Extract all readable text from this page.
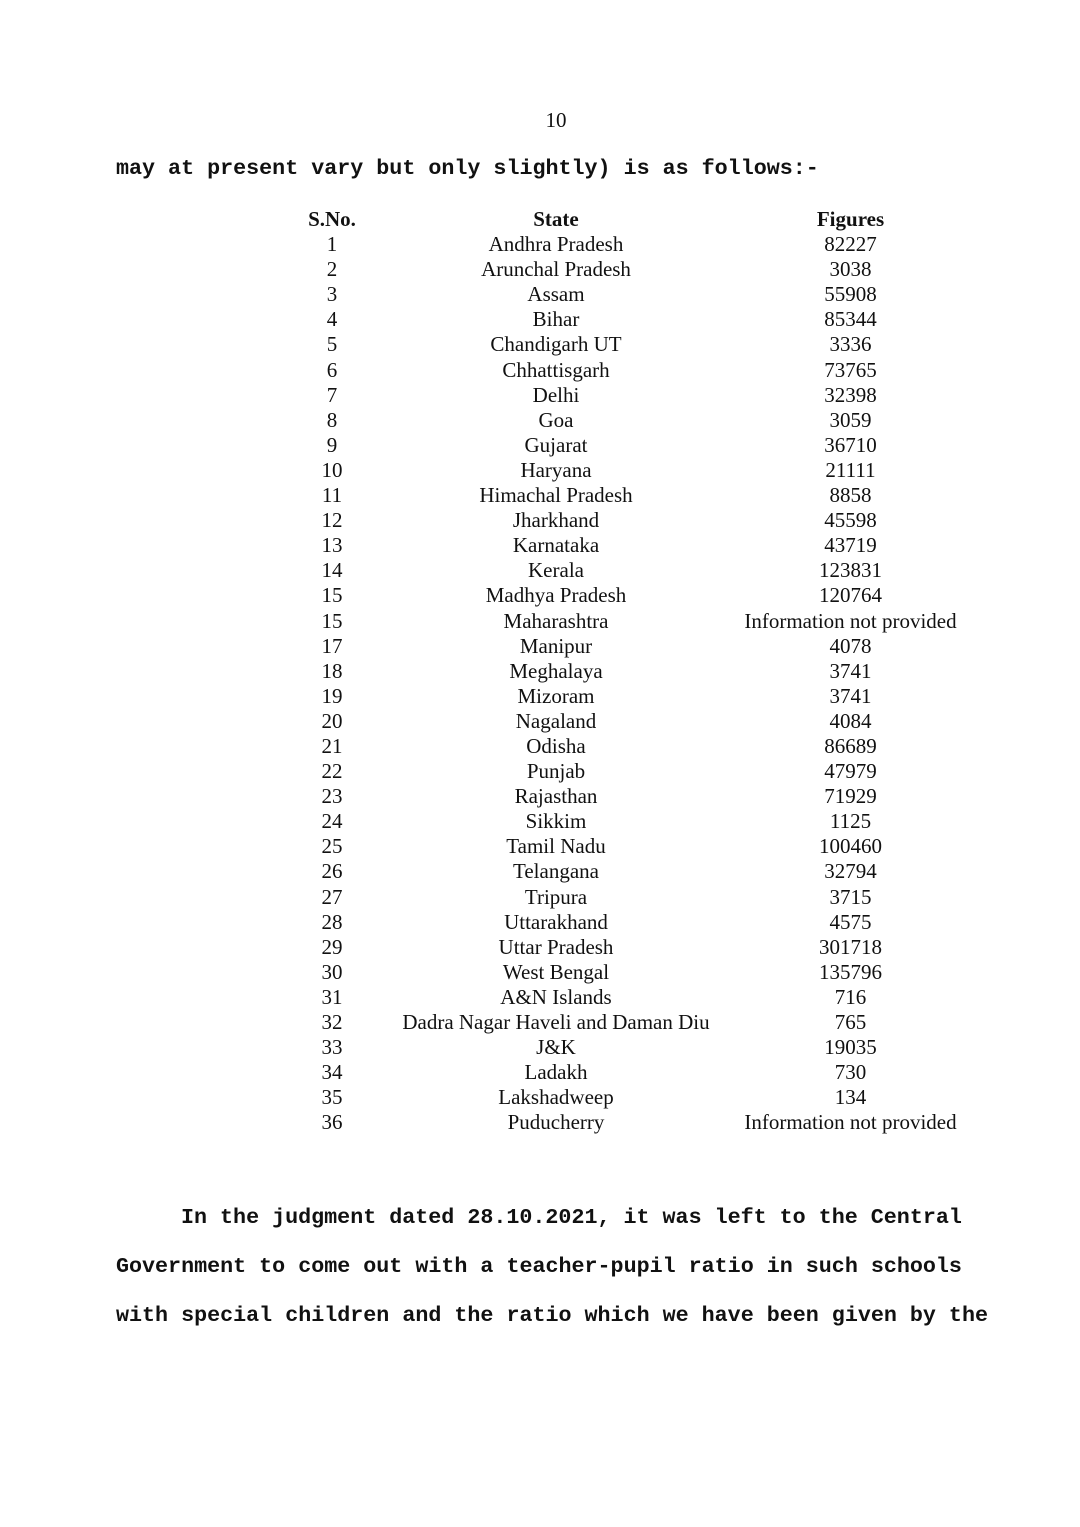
10
may at present vary but only slightly) is as follows:-
S.No.	State	Figures
1	Andhra Pradesh	82227
2	Arunchal Pradesh	3038
3	Assam	55908
4	Bihar	85344
5	Chandigarh UT	3336
6	Chhattisgarh	73765
7	Delhi	32398
8	Goa	3059
9	Gujarat	36710
10	Haryana	21111
11	Himachal Pradesh	8858
12	Jharkhand	45598
13	Karnataka	43719
14	Kerala	123831
15	Madhya Pradesh	120764
15	Maharashtra	Information not provided
17	Manipur	4078
18	Meghalaya	3741
19	Mizoram	3741
20	Nagaland	4084
21	Odisha	86689
22	Punjab	47979
23	Rajasthan	71929
24	Sikkim	1125
25	Tamil Nadu	100460
26	Telangana	32794
27	Tripura	3715
28	Uttarakhand	4575
29	Uttar Pradesh	301718
30	West Bengal	135796
31	A&N Islands	716
32	Dadra Nagar Haveli and Daman Diu	765
33	J&K	19035
34	Ladakh	730
35	Lakshadweep	134
36	Puducherry	Information not provided
In the judgment dated 28.10.2021, it was left to the Central
Government to come out with a teacher-pupil ratio in such schools
with special children and the ratio which we have been given by the
